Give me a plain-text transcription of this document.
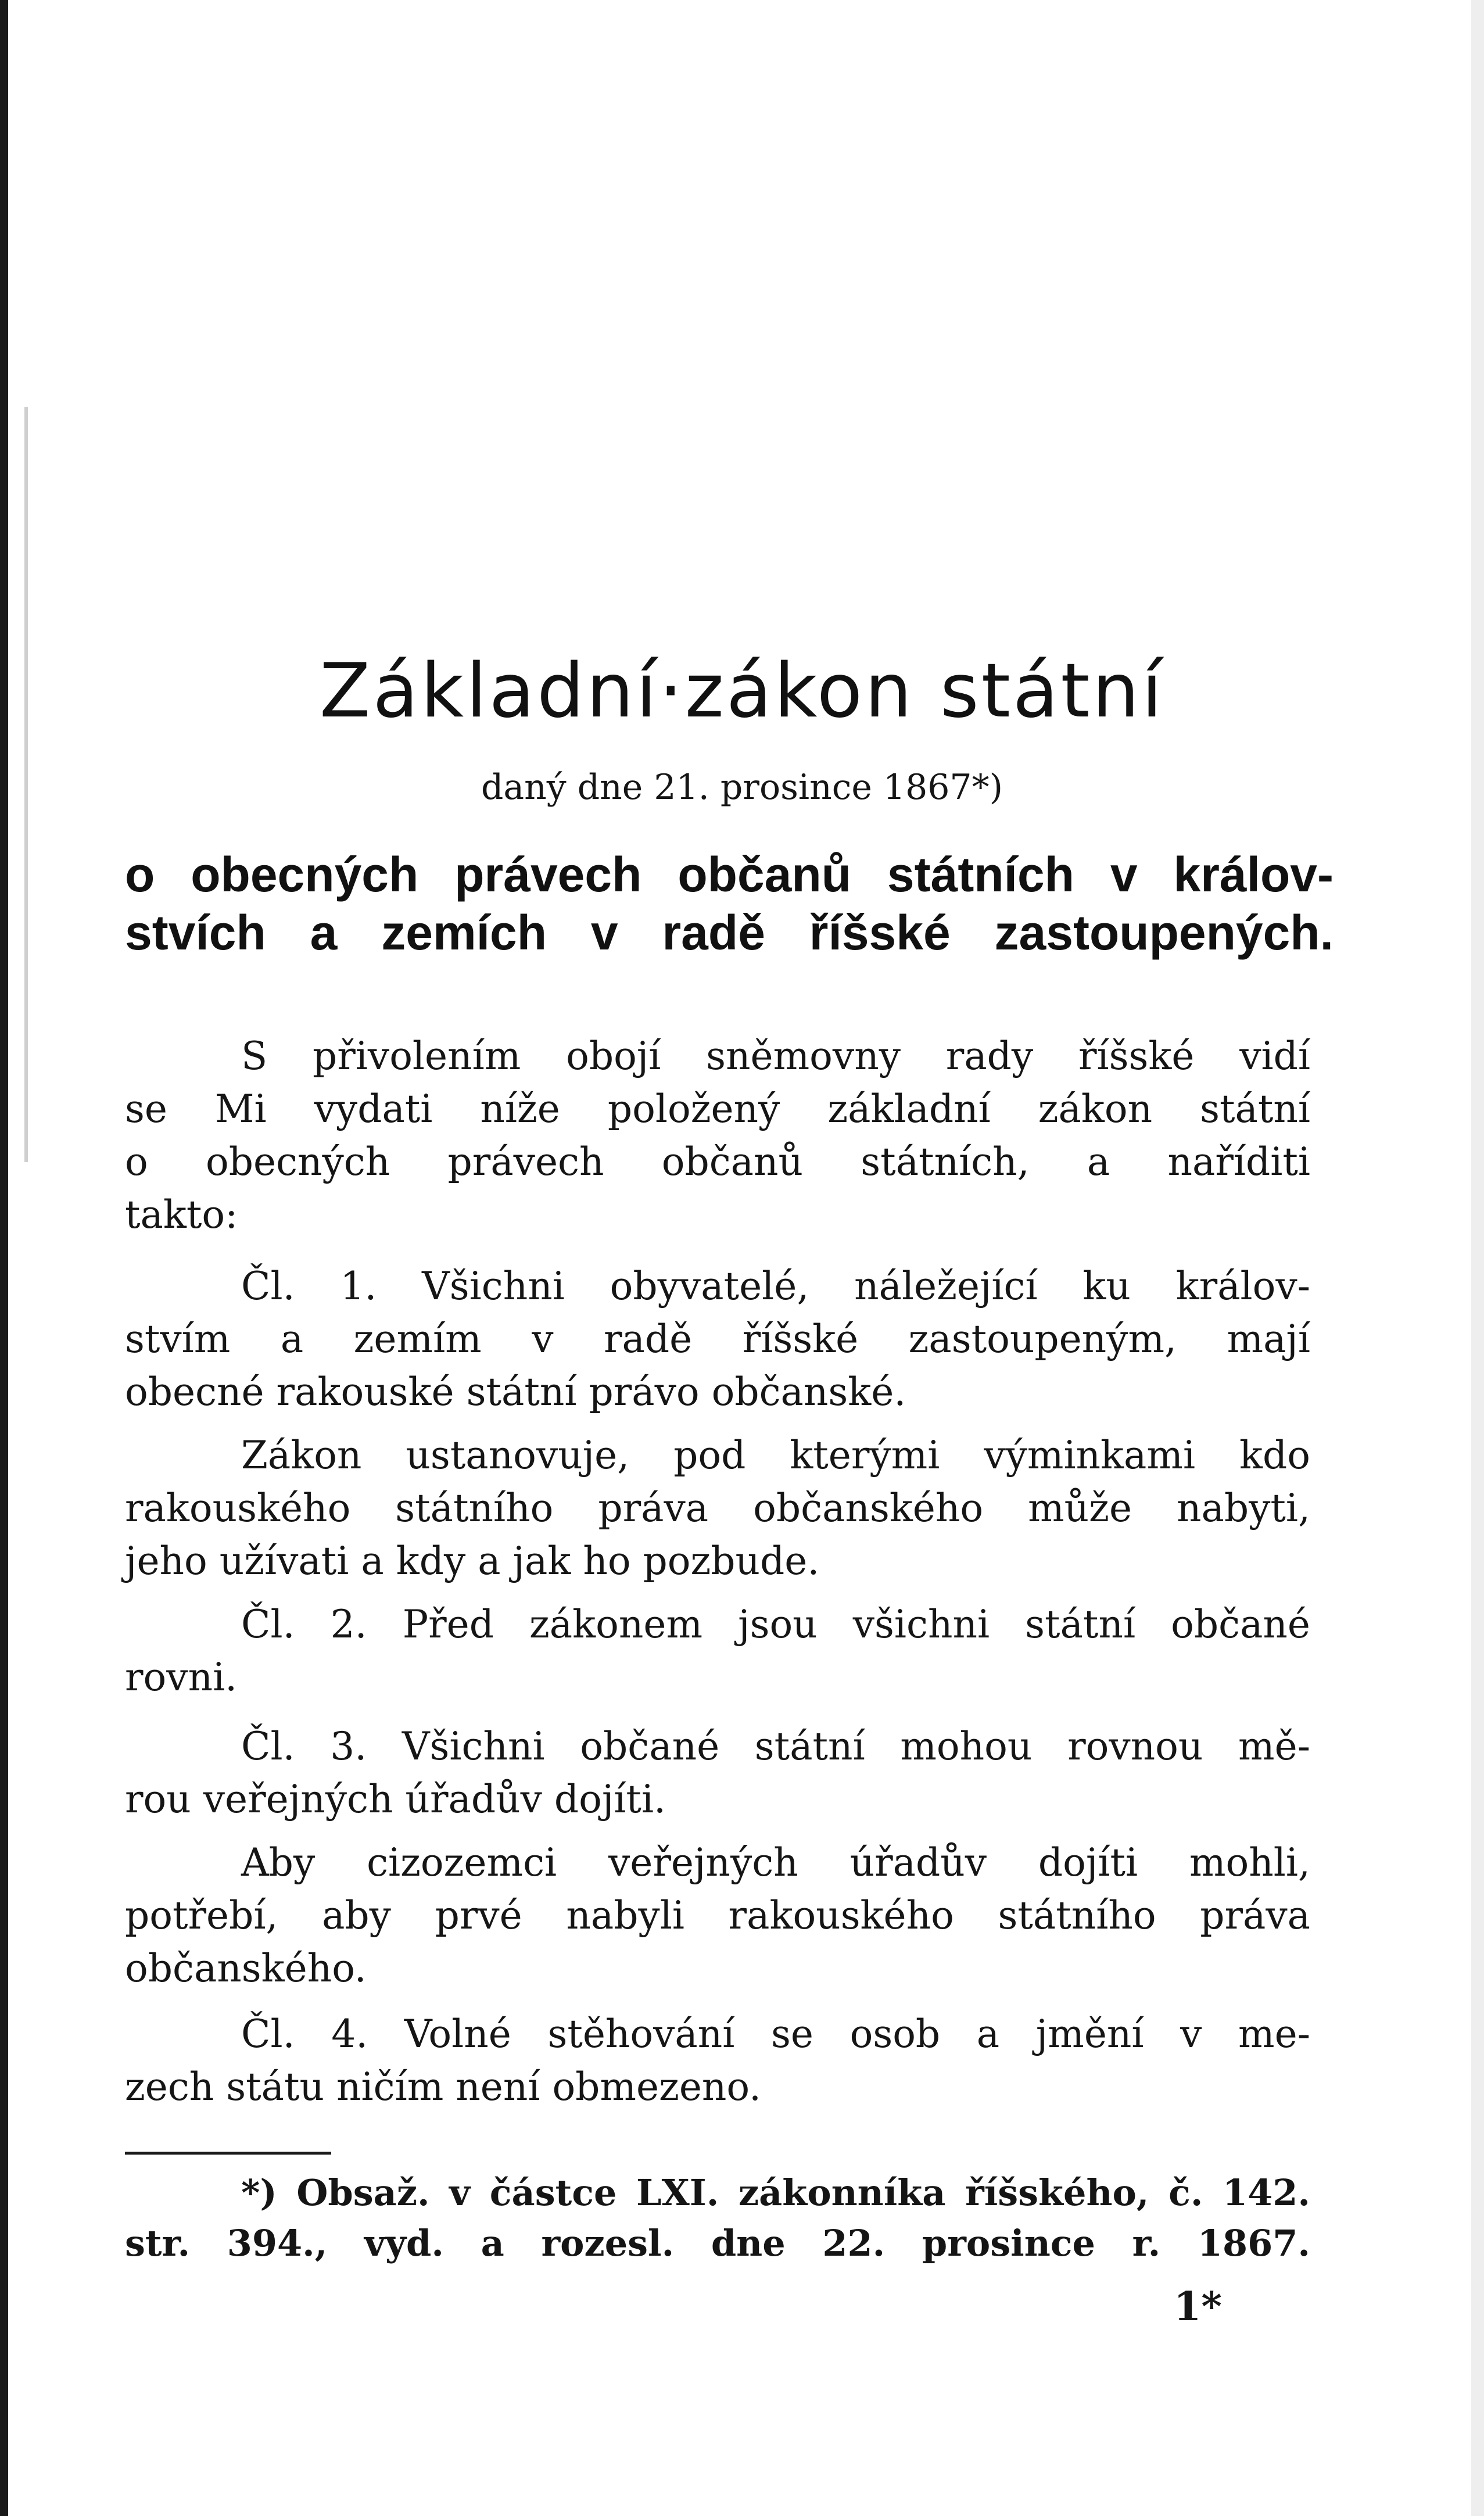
Základní·zákon státní
daný dne 21. prosince 1867*)
o obecných právech občanů státních v králov-
stvích a zemích v radě říšské zastoupených.
S přivolením obojí sněmovny rady říšské vidí
se Mi vydati níže položený základní zákon státní
o obecných právech občanů státních, a naříditi
takto:
Čl. 1. Všichni obyvatelé, náležející ku králov-
stvím a zemím v radě říšské zastoupeným, mají
obecné rakouské státní právo občanské.
Zákon ustanovuje, pod kterými výminkami kdo
rakouského státního práva občanského může nabyti,
jeho užívati a kdy a jak ho pozbude.
Čl. 2. Před zákonem jsou všichni státní občané
rovni.
Čl. 3. Všichni občané státní mohou rovnou mě-
rou veřejných úřadův dojíti.
Aby cizozemci veřejných úřadův dojíti mohli,
potřebí, aby prvé nabyli rakouského státního práva
občanského.
Čl. 4. Volné stěhování se osob a jmění v me-
zech státu ničím není obmezeno.
*) Obsaž. v částce LXI. zákonníka říšského, č. 142.
str. 394., vyd. a rozesl. dne 22. prosince r. 1867.
1*
